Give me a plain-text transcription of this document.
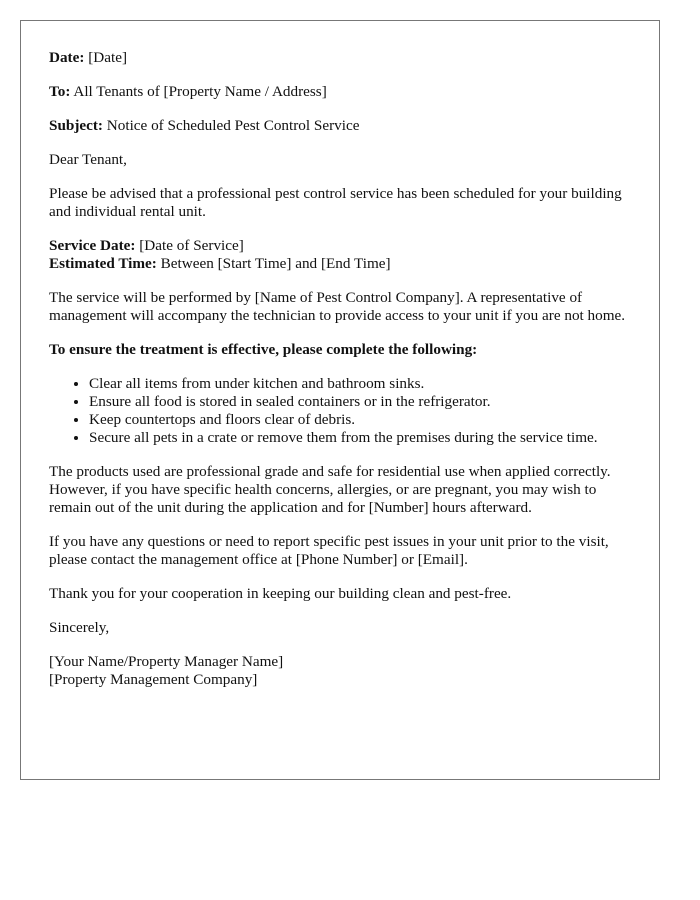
Date: [Date]

To: All Tenants of [Property Name / Address]

Subject: Notice of Scheduled Pest Control Service

Dear Tenant,

Please be advised that a professional pest control service has been scheduled for your building and individual rental unit.

Service Date: [Date of Service]

Estimated Time: Between [Start Time] and [End Time]

The service will be performed by [Name of Pest Control Company]. A representative of management will accompany the technician to provide access to your unit if you are not home.

To ensure the treatment is effective, please complete the following:

• Clear all items from under kitchen and bathroom sinks.
• Ensure all food is stored in sealed containers or in the refrigerator.
• Keep countertops and floors clear of debris.
• Secure all pets in a crate or remove them from the premises during the service time.

The products used are professional grade and safe for residential use when applied correctly. However, if you have specific health concerns, allergies, or are pregnant, you may wish to remain out of the unit during the application and for [Number] hours afterward.

If you have any questions or need to report specific pest issues in your unit prior to the visit, please contact the management office at [Phone Number] or [Email].

Thank you for your cooperation in keeping our building clean and pest-free.

Sincerely,

[Your Name/Property Manager Name]

[Property Management Company]
